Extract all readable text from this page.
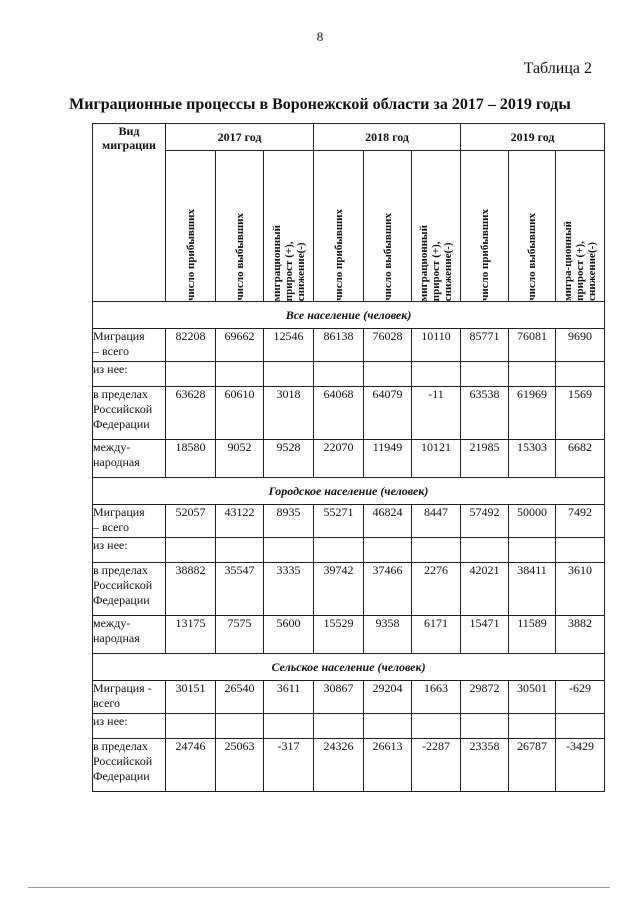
8
Таблица 2
Миграционные процессы в Воронежской области за 2017 – 2019 годы
Вид
миграции	2017 год			2018 год			2019 год		

	число прибывших	число выбывших	миграционный
прирост (+),
снижение(-)	число прибывших	число выбывших	миграционный
прирост (+),
снижение(-)	число прибывших	число выбывших	мигра-ционный
прирост (+),
снижение(-)

Все население (человек)									
Миграция
– всего	82208	69662	12546	86138	76028	10110	85771	76081	9690
из нее:									
в пределах
Российской
Федерации	63628	60610	3018	64068	64079	-11	63538	61969	1569
между-
народная	18580	9052	9528	22070	11949	10121	21985	15303	6682
Городское население (человек)									
Миграция
– всего	52057	43122	8935	55271	46824	8447	57492	50000	7492
из нее:									
в пределах
Российской
Федерации	38882	35547	3335	39742	37466	2276	42021	38411	3610
между-
народная	13175	7575	5600	15529	9358	6171	15471	11589	3882
Сельское население (человек)									
Миграция -
всего	30151	26540	3611	30867	29204	1663	29872	30501	-629
из нее:									
в пределах
Российской
Федерации	24746	25063	-317	24326	26613	-2287	23358	26787	-3429
